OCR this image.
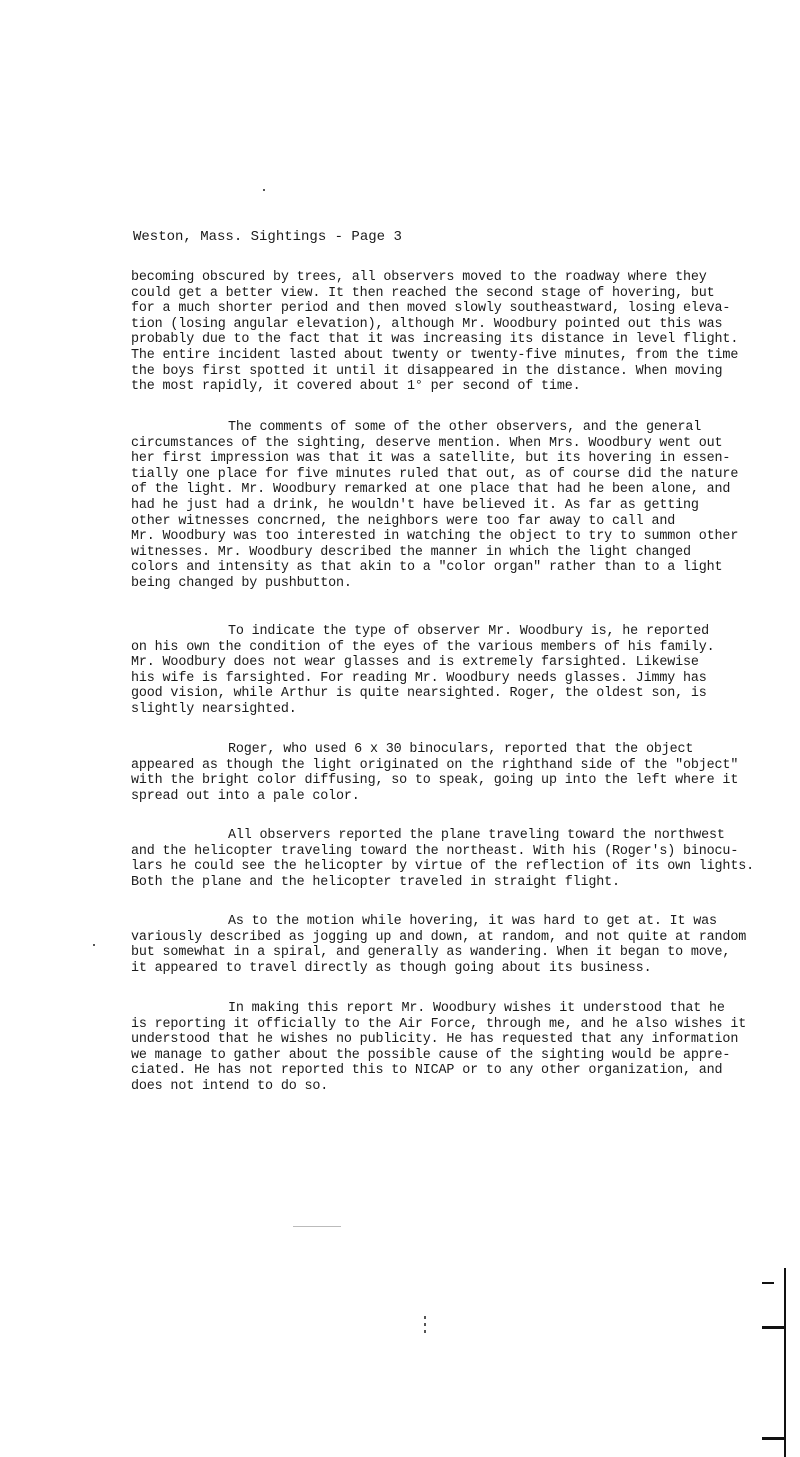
Weston, Mass. Sightings - Page 3
becoming obscured by trees, all observers moved to the roadway where they
could get a better view. It then reached the second stage of hovering, but
for a much shorter period and then moved slowly southeastward, losing eleva-
tion (losing angular elevation), although Mr. Woodbury pointed out this was
probably due to the fact that it was increasing its distance in level flight.
The entire incident lasted about twenty or twenty-five minutes, from the time
the boys first spotted it until it disappeared in the distance. When moving
the most rapidly, it covered about 1° per second of time.
The comments of some of the other observers, and the general
circumstances of the sighting, deserve mention. When Mrs. Woodbury went out
her first impression was that it was a satellite, but its hovering in essen-
tially one place for five minutes ruled that out, as of course did the nature
of the light. Mr. Woodbury remarked at one place that had he been alone, and
had he just had a drink, he wouldn't have believed it. As far as getting
other witnesses concrned, the neighbors were too far away to call and
Mr. Woodbury was too interested in watching the object to try to summon other
witnesses. Mr. Woodbury described the manner in which the light changed
colors and intensity as that akin to a "color organ" rather than to a light
being changed by pushbutton.
To indicate the type of observer Mr. Woodbury is, he reported
on his own the condition of the eyes of the various members of his family.
Mr. Woodbury does not wear glasses and is extremely farsighted. Likewise
his wife is farsighted. For reading Mr. Woodbury needs glasses. Jimmy has
good vision, while Arthur is quite nearsighted. Roger, the oldest son, is
slightly nearsighted.
Roger, who used 6 x 30 binoculars, reported that the object
appeared as though the light originated on the righthand side of the "object"
with the bright color diffusing, so to speak, going up into the left where it
spread out into a pale color.
All observers reported the plane traveling toward the northwest
and the helicopter traveling toward the northeast. With his (Roger's) binocu-
lars he could see the helicopter by virtue of the reflection of its own lights.
Both the plane and the helicopter traveled in straight flight.
As to the motion while hovering, it was hard to get at. It was
variously described as jogging up and down, at random, and not quite at random
but somewhat in a spiral, and generally as wandering. When it began to move,
it appeared to travel directly as though going about its business.
In making this report Mr. Woodbury wishes it understood that he
is reporting it officially to the Air Force, through me, and he also wishes it
understood that he wishes no publicity. He has requested that any information
we manage to gather about the possible cause of the sighting would be appre-
ciated. He has not reported this to NICAP or to any other organization, and
does not intend to do so.
